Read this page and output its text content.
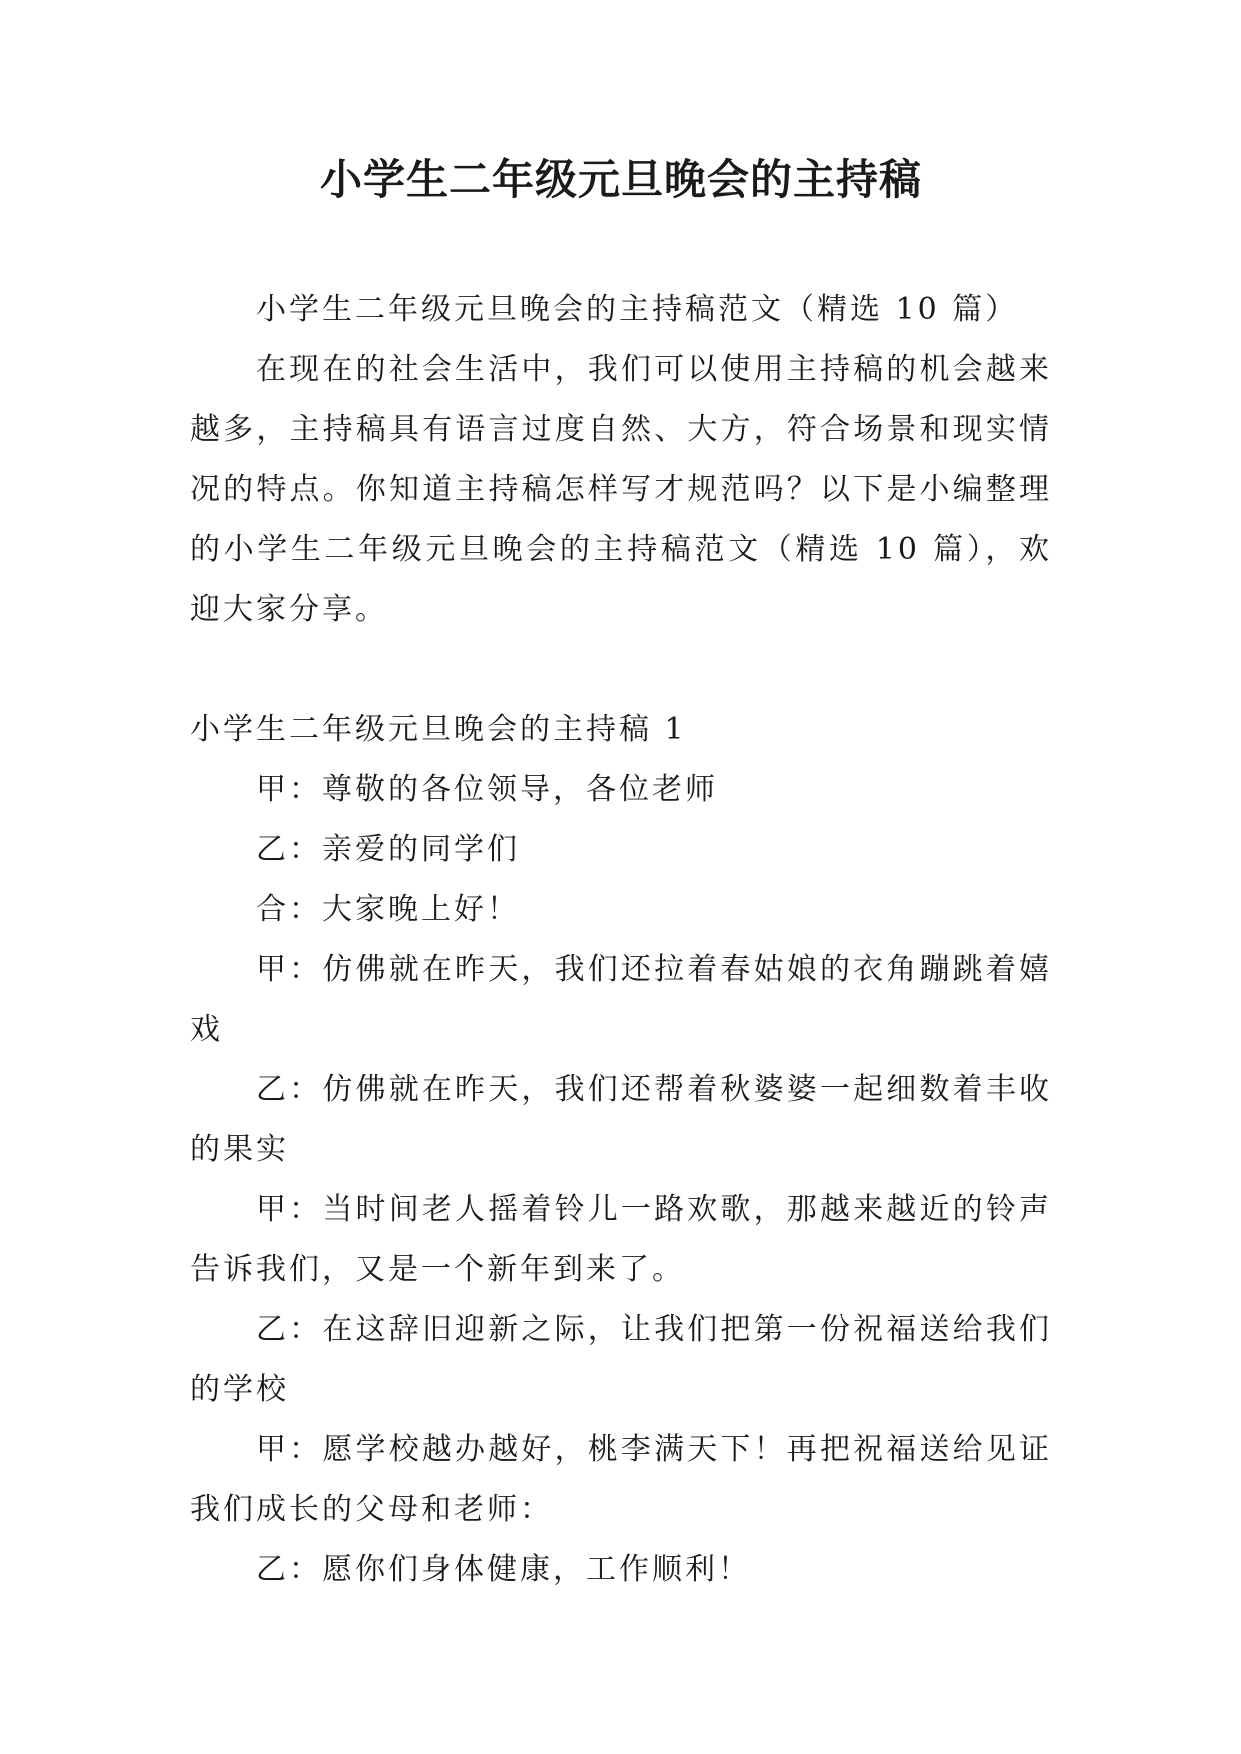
小学生二年级元旦晚会的主持稿

小学生二年级元旦晚会的主持稿范文（精选 10 篇）

在现在的社会生活中，我们可以使用主持稿的机会越来越多，主持稿具有语言过度自然、大方，符合场景和现实情况的特点。你知道主持稿怎样写才规范吗？以下是小编整理的小学生二年级元旦晚会的主持稿范文（精选 10 篇），欢迎大家分享。

小学生二年级元旦晚会的主持稿 1

甲：尊敬的各位领导，各位老师

乙：亲爱的同学们

合：大家晚上好！

甲：仿佛就在昨天，我们还拉着春姑娘的衣角蹦跳着嬉戏

乙：仿佛就在昨天，我们还帮着秋婆婆一起细数着丰收的果实

甲：当时间老人摇着铃儿一路欢歌，那越来越近的铃声告诉我们，又是一个新年到来了。

乙：在这辞旧迎新之际，让我们把第一份祝福送给我们的学校

甲：愿学校越办越好，桃李满天下！再把祝福送给见证我们成长的父母和老师：

乙：愿你们身体健康，工作顺利！
